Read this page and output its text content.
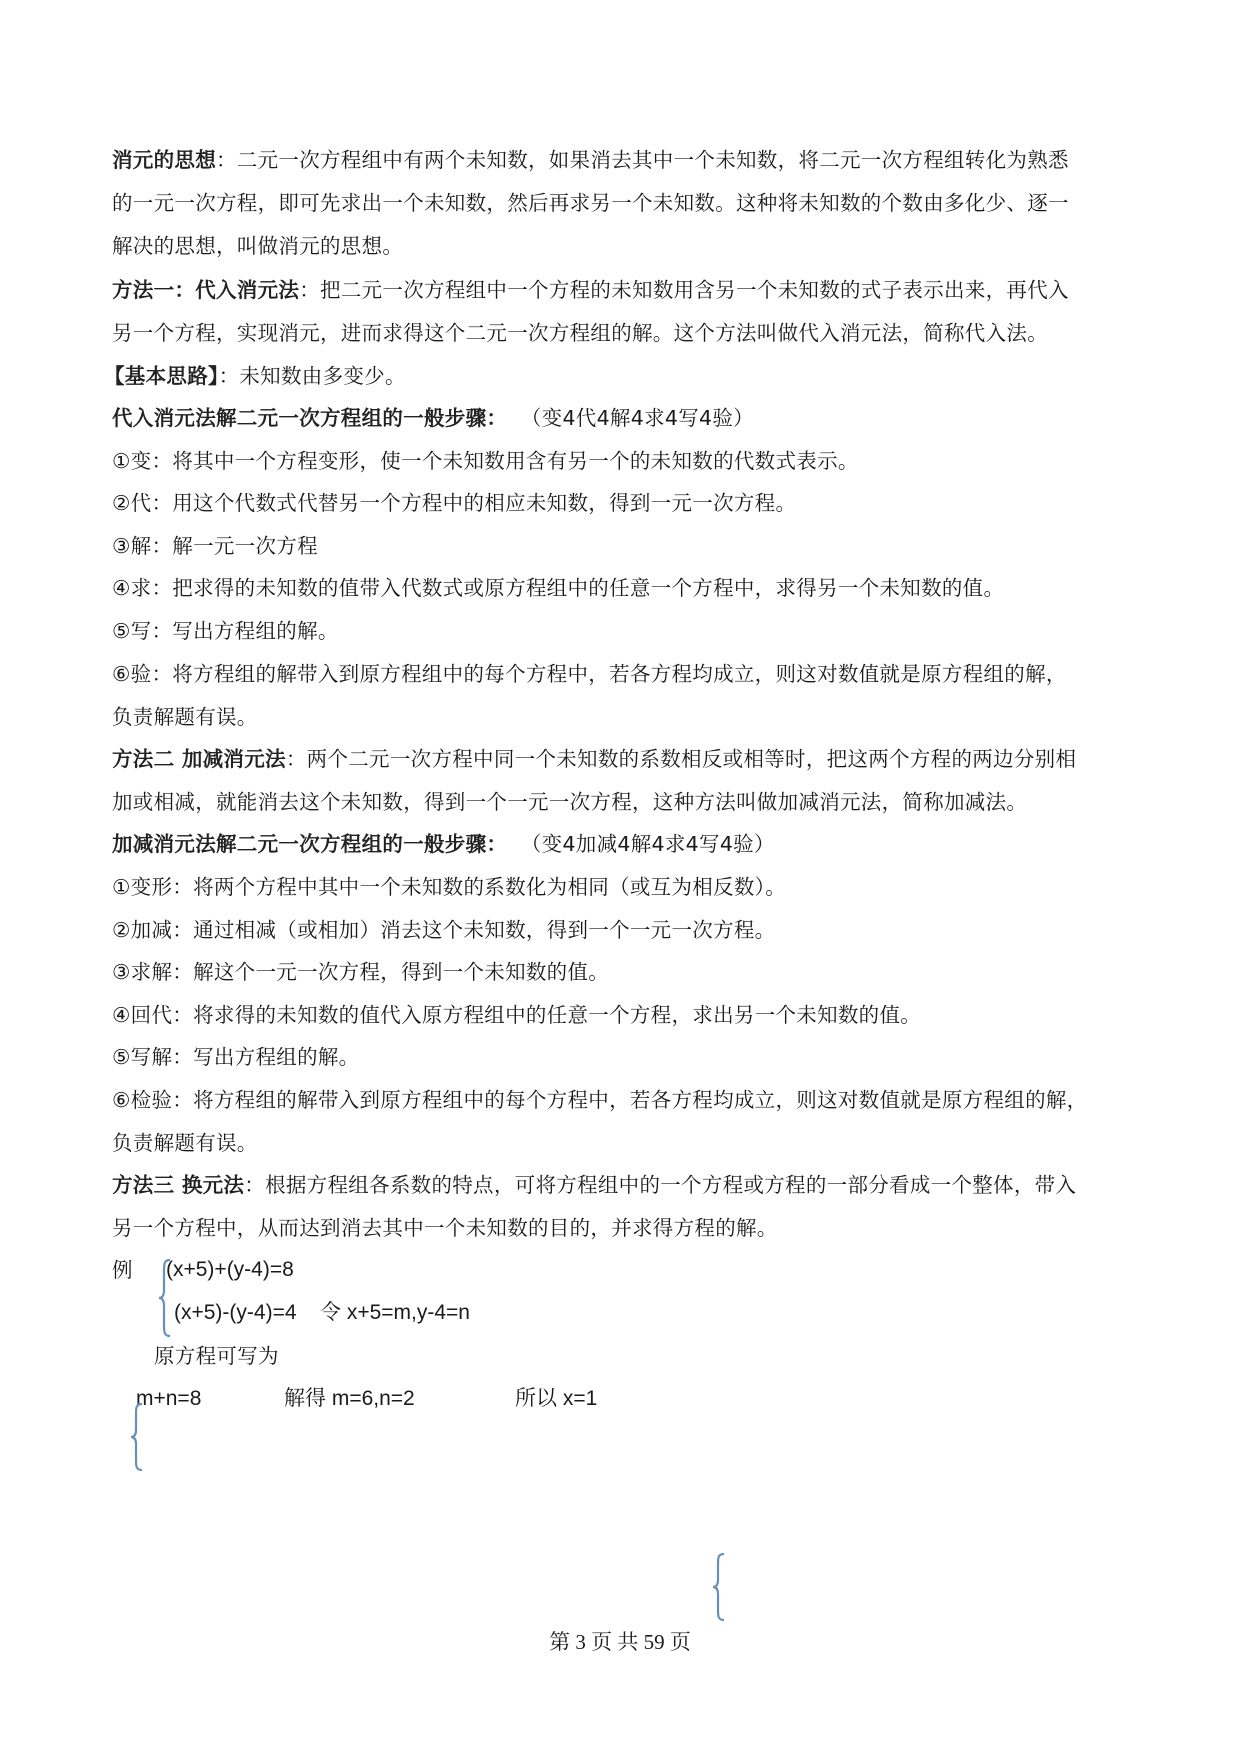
消元的思想：二元一次方程组中有两个未知数，如果消去其中一个未知数，将二元一次方程组转化为熟悉
的一元一次方程，即可先求出一个未知数，然后再求另一个未知数。这种将未知数的个数由多化少、逐一
解决的思想，叫做消元的思想。
方法一：代入消元法：把二元一次方程组中一个方程的未知数用含另一个未知数的式子表示出来，再代入
另一个方程，实现消元，进而求得这个二元一次方程组的解。这个方法叫做代入消元法，简称代入法。
【基本思路】：未知数由多变少。
代入消元法解二元一次方程组的一般步骤： （变4代4解4求4写4验）
①变：将其中一个方程变形，使一个未知数用含有另一个的未知数的代数式表示。
②代：用这个代数式代替另一个方程中的相应未知数，得到一元一次方程。
③解：解一元一次方程
④求：把求得的未知数的值带入代数式或原方程组中的任意一个方程中，求得另一个未知数的值。
⑤写：写出方程组的解。
⑥验：将方程组的解带入到原方程组中的每个方程中，若各方程均成立，则这对数值就是原方程组的解，
负责解题有误。
方法二 加减消元法：两个二元一次方程中同一个未知数的系数相反或相等时，把这两个方程的两边分别相
加或相减，就能消去这个未知数，得到一个一元一次方程，这种方法叫做加减消元法，简称加减法。
加减消元法解二元一次方程组的一般步骤： （变4加减4解4求4写4验）
①变形：将两个方程中其中一个未知数的系数化为相同（或互为相反数）。
②加减：通过相减（或相加）消去这个未知数，得到一个一元一次方程。
③求解：解这个一元一次方程，得到一个未知数的值。
④回代：将求得的未知数的值代入原方程组中的任意一个方程，求出另一个未知数的值。
⑤写解：写出方程组的解。
⑥检验：将方程组的解带入到原方程组中的每个方程中，若各方程均成立，则这对数值就是原方程组的解，
负责解题有误。
方法三 换元法：根据方程组各系数的特点，可将方程组中的一个方程或方程的一部分看成一个整体，带入
另一个方程中，从而达到消去其中一个未知数的目的，并求得方程的解。
例 (x+5)+(y-4)=8
(x+5)-(y-4)=4 令 x+5=m,y-4=n
原方程可写为
m+n=8	解得 m=6,n=2	所以 x=1
第 3 页 共 59 页
